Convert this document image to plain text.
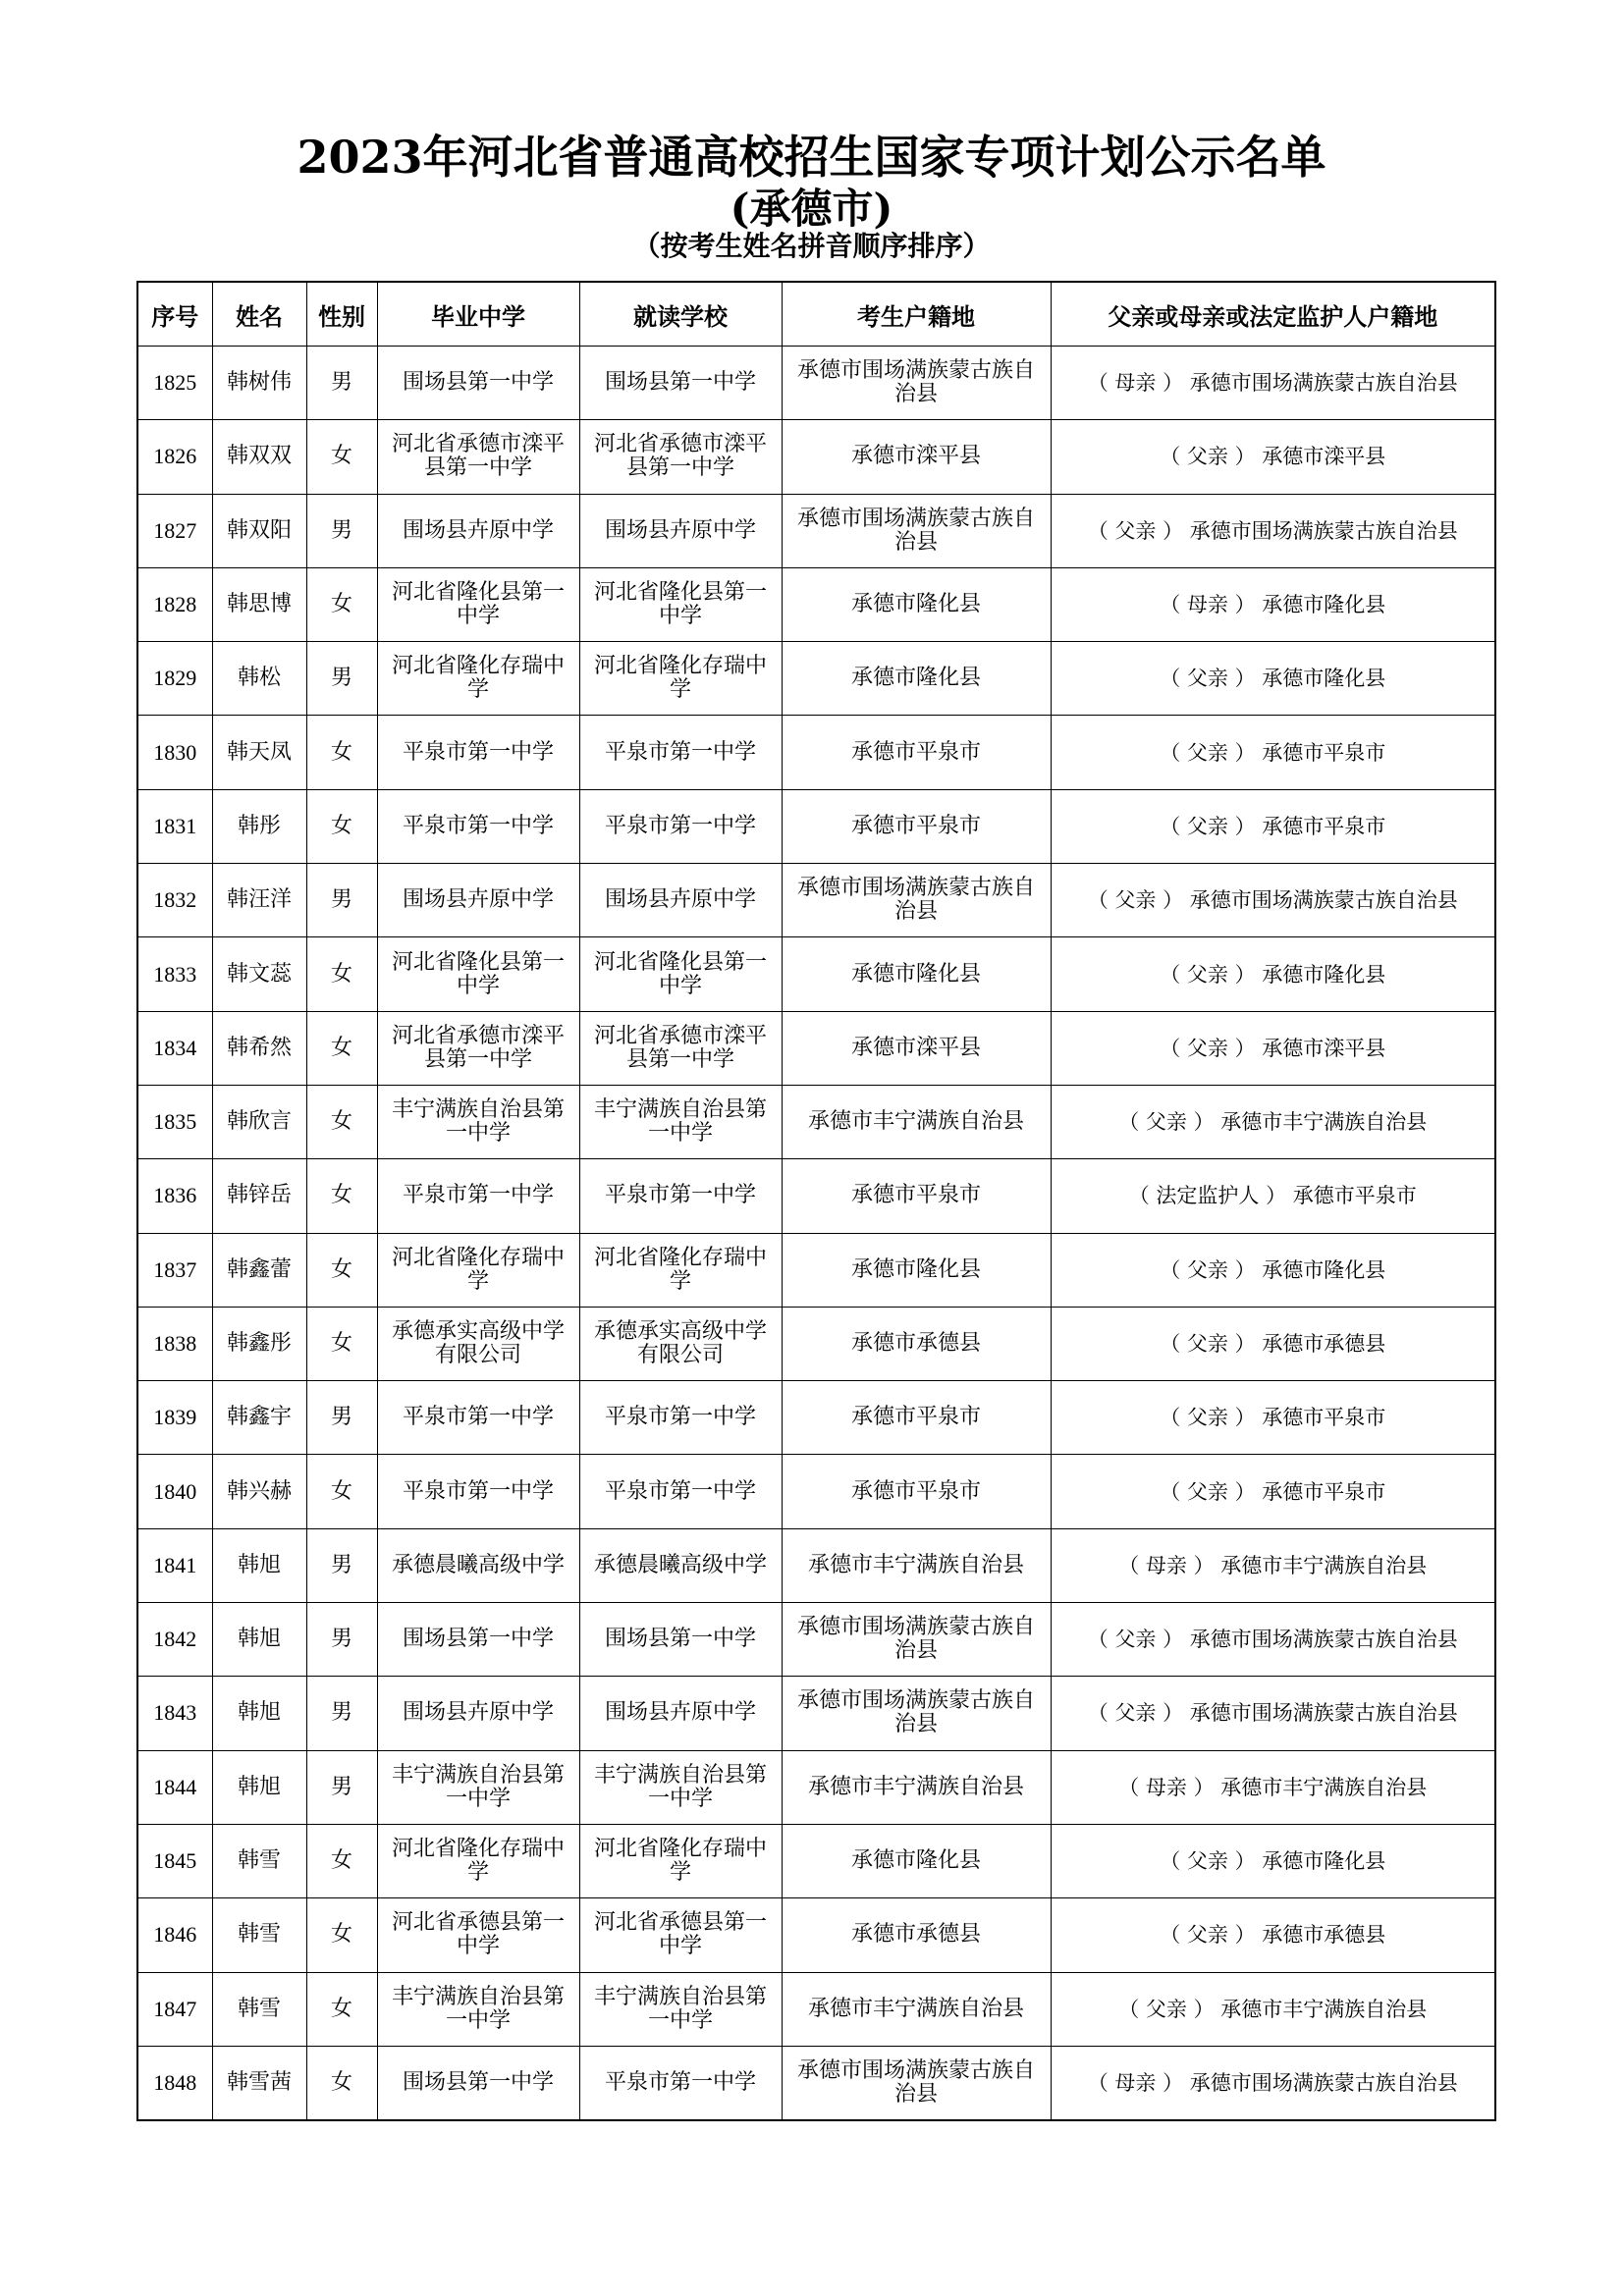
2023年河北省普通高校招生国家专项计划公示名单
(承德市)
（按考生姓名拼音顺序排序）
序号	姓名	性别	毕业中学	就读学校	考生户籍地	父亲或母亲或法定监护人户籍地
1825	韩树伟	男	围场县第一中学	围场县第一中学	承德市围场满族蒙古族自治县	（ 母亲 ） 承德市围场满族蒙古族自治县
1826	韩双双	女	河北省承德市滦平县第一中学	河北省承德市滦平县第一中学	承德市滦平县	（ 父亲 ） 承德市滦平县
1827	韩双阳	男	围场县卉原中学	围场县卉原中学	承德市围场满族蒙古族自治县	（ 父亲 ） 承德市围场满族蒙古族自治县
1828	韩思博	女	河北省隆化县第一中学	河北省隆化县第一中学	承德市隆化县	（ 母亲 ） 承德市隆化县
1829	韩松	男	河北省隆化存瑞中学	河北省隆化存瑞中学	承德市隆化县	（ 父亲 ） 承德市隆化县
1830	韩天凤	女	平泉市第一中学	平泉市第一中学	承德市平泉市	（ 父亲 ） 承德市平泉市
1831	韩彤	女	平泉市第一中学	平泉市第一中学	承德市平泉市	（ 父亲 ） 承德市平泉市
1832	韩汪洋	男	围场县卉原中学	围场县卉原中学	承德市围场满族蒙古族自治县	（ 父亲 ） 承德市围场满族蒙古族自治县
1833	韩文蕊	女	河北省隆化县第一中学	河北省隆化县第一中学	承德市隆化县	（ 父亲 ） 承德市隆化县
1834	韩希然	女	河北省承德市滦平县第一中学	河北省承德市滦平县第一中学	承德市滦平县	（ 父亲 ） 承德市滦平县
1835	韩欣言	女	丰宁满族自治县第一中学	丰宁满族自治县第一中学	承德市丰宁满族自治县	（ 父亲 ） 承德市丰宁满族自治县
1836	韩锌岳	女	平泉市第一中学	平泉市第一中学	承德市平泉市	（ 法定监护人 ） 承德市平泉市
1837	韩鑫蕾	女	河北省隆化存瑞中学	河北省隆化存瑞中学	承德市隆化县	（ 父亲 ） 承德市隆化县
1838	韩鑫彤	女	承德承实高级中学有限公司	承德承实高级中学有限公司	承德市承德县	（ 父亲 ） 承德市承德县
1839	韩鑫宇	男	平泉市第一中学	平泉市第一中学	承德市平泉市	（ 父亲 ） 承德市平泉市
1840	韩兴赫	女	平泉市第一中学	平泉市第一中学	承德市平泉市	（ 父亲 ） 承德市平泉市
1841	韩旭	男	承德晨曦高级中学	承德晨曦高级中学	承德市丰宁满族自治县	（ 母亲 ） 承德市丰宁满族自治县
1842	韩旭	男	围场县第一中学	围场县第一中学	承德市围场满族蒙古族自治县	（ 父亲 ） 承德市围场满族蒙古族自治县
1843	韩旭	男	围场县卉原中学	围场县卉原中学	承德市围场满族蒙古族自治县	（ 父亲 ） 承德市围场满族蒙古族自治县
1844	韩旭	男	丰宁满族自治县第一中学	丰宁满族自治县第一中学	承德市丰宁满族自治县	（ 母亲 ） 承德市丰宁满族自治县
1845	韩雪	女	河北省隆化存瑞中学	河北省隆化存瑞中学	承德市隆化县	（ 父亲 ） 承德市隆化县
1846	韩雪	女	河北省承德县第一中学	河北省承德县第一中学	承德市承德县	（ 父亲 ） 承德市承德县
1847	韩雪	女	丰宁满族自治县第一中学	丰宁满族自治县第一中学	承德市丰宁满族自治县	（ 父亲 ） 承德市丰宁满族自治县
1848	韩雪茜	女	围场县第一中学	平泉市第一中学	承德市围场满族蒙古族自治县	（ 母亲 ） 承德市围场满族蒙古族自治县
